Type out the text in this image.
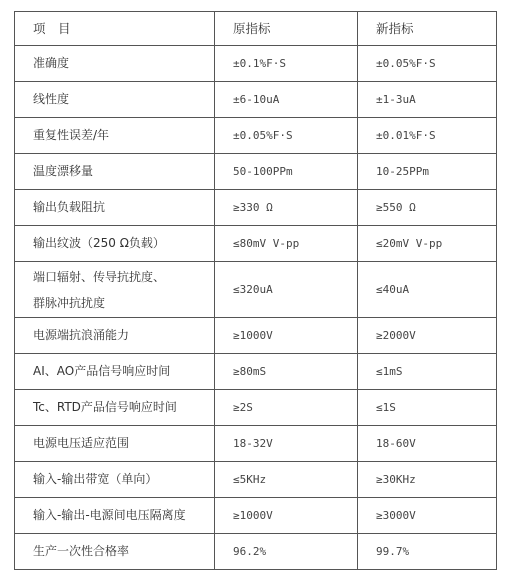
项　目	原指标	新指标
准确度	±0.1%F·S	±0.05%F·S
线性度	±6-10uA	±1-3uA
重复性误差/年	±0.05%F·S	±0.01%F·S
温度漂移量	50-100PPm	10-25PPm
输出负载阻抗	≥330 Ω	≥550 Ω
输出纹波（250 Ω负载）	≤80mV V-pp	≤20mV V-pp

端口辐射、传导抗扰度、
群脉冲抗扰度	≤320uA	≤40uA
电源端抗浪涌能力	≥1000V	≥2000V
AI、AO产品信号响应时间	≥80mS	≤1mS
Tc、RTD产品信号响应时间	≥2S	≤1S
电源电压适应范围	18-32V	18-60V
输入-输出带宽（单向）	≤5KHz	≥30KHz
输入-输出-电源间电压隔离度	≥1000V	≥3000V
生产一次性合格率	96.2%	99.7%
